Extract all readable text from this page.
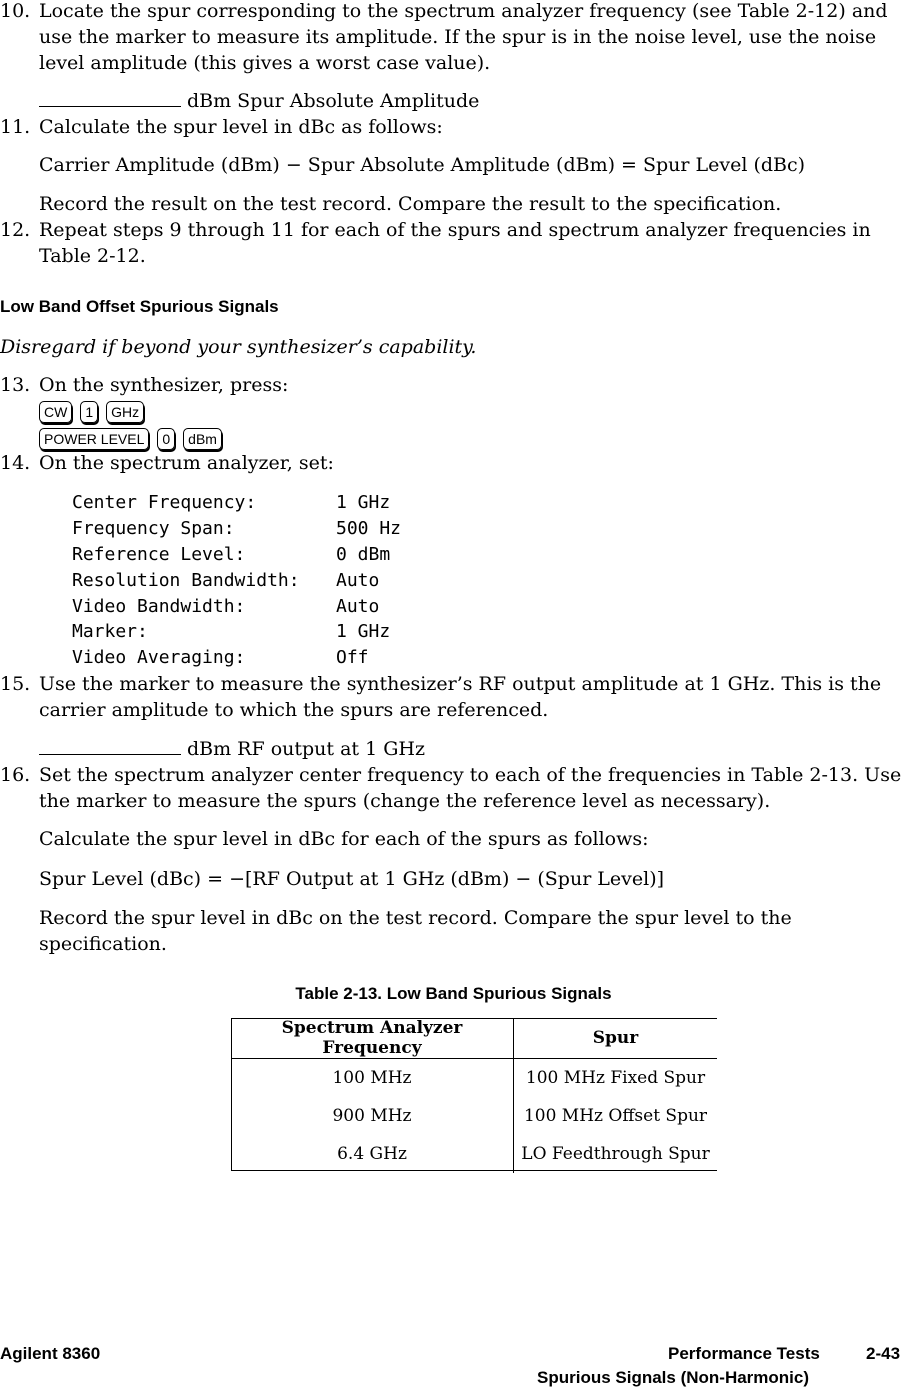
10. Locate the spur corresponding to the spectrum analyzer frequency (see Table 2-12) and
use the marker to measure its amplitude. If the spur is in the noise level, use the noise
level amplitude (this gives a worst case value).
dBm Spur Absolute Amplitude
11. Calculate the spur level in dBc as follows:
Carrier Amplitude (dBm) − Spur Absolute Amplitude (dBm) = Spur Level (dBc)
Record the result on the test record. Compare the result to the specification.
12. Repeat steps 9 through 11 for each of the spurs and spectrum analyzer frequencies in
Table 2-12.
Low Band Offset Spurious Signals
Disregard if beyond your synthesizer’s capability.
13. On the synthesizer, press:
CW 1 GHz
POWER LEVEL 0 dBm
14. On the spectrum analyzer, set:
Center Frequency:	1 GHz
Frequency Span:	500 Hz
Reference Level:	0 dBm
Resolution Bandwidth: Auto
Video Bandwidth:	Auto
Marker:	1 GHz
Video Averaging:	Off
15. Use the marker to measure the synthesizer’s RF output amplitude at 1 GHz. This is the
carrier amplitude to which the spurs are referenced.
dBm RF output at 1 GHz
16. Set the spectrum analyzer center frequency to each of the frequencies in Table 2-13. Use
the marker to measure the spurs (change the reference level as necessary).
Calculate the spur level in dBc for each of the spurs as follows:
Spur Level (dBc) = −[RF Output at 1 GHz (dBm) − (Spur Level)]
Record the spur level in dBc on the test record. Compare the spur level to the
specification.
Table 2-13. Low Band Spurious Signals
Spectrum Analyzer Frequency	Spur
100 MHz	100 MHz Fixed Spur
900 MHz	100 MHz Offset Spur
6.4 GHz	LO Feedthrough Spur
Agilent 8360	Performance Tests	2-43
Spurious Signals (Non-Harmonic)
